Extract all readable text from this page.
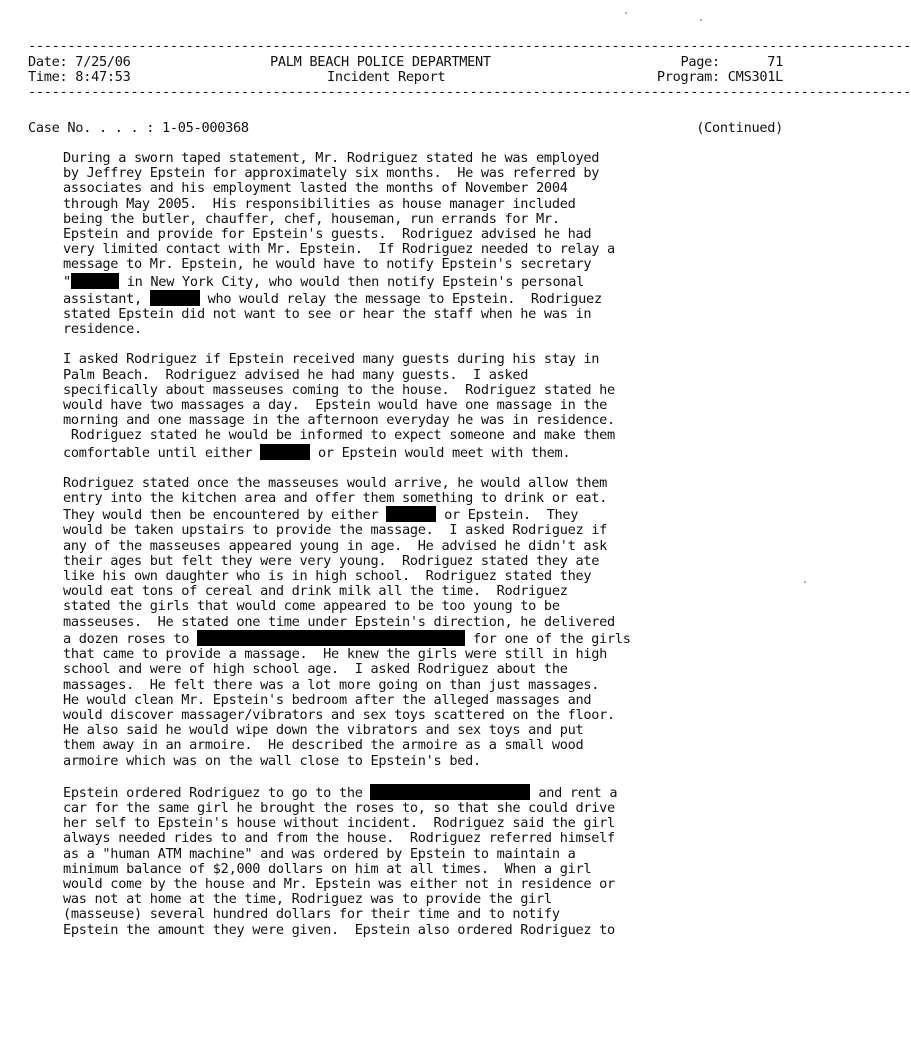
----------------------------------------------------------------------------------------------------------------
Date: 7/25/06
Time: 8:47:53
PALM BEACH POLICE DEPARTMENT
Incident Report
Page:      71
Program: CMS301L
----------------------------------------------------------------------------------------------------------------
Case No. . . . : 1-05-000368	(Continued)

During a sworn taped statement, Mr. Rodriguez stated he was employed
by Jeffrey Epstein for approximately six months.  He was referred by
associates and his employment lasted the months of November 2004
through May 2005.  His responsibilities as house manager included
being the butler, chauffer, chef, houseman, run errands for Mr.
Epstein and provide for Epstein's guests.  Rodriguez advised he had
very limited contact with Mr. Epstein.  If Rodriguez needed to relay a
message to Mr. Epstein, he would have to notify Epstein's secretary
"	in New York City, who would then notify Epstein's personal
assistant,	who would relay the message to Epstein.  Rodriguez
stated Epstein did not want to see or hear the staff when he was in
residence.

I asked Rodriguez if Epstein received many guests during his stay in
Palm Beach.  Rodriguez advised he had many guests.  I asked
specifically about masseuses coming to the house.  Rodriguez stated he
would have two massages a day.  Epstein would have one massage in the
morning and one massage in the afternoon everyday he was in residence.
Rodriguez stated he would be informed to expect someone and make them
comfortable until either	or Epstein would meet with them.

Rodriguez stated once the masseuses would arrive, he would allow them
entry into the kitchen area and offer them something to drink or eat.
They would then be encountered by either	or Epstein.  They
would be taken upstairs to provide the massage.  I asked Rodriguez if
any of the masseuses appeared young in age.  He advised he didn't ask
their ages but felt they were very young.  Rodriguez stated they ate
like his own daughter who is in high school.  Rodriguez stated they
would eat tons of cereal and drink milk all the time.  Rodriguez
stated the girls that would come appeared to be too young to be
masseuses.  He stated one time under Epstein's direction, he delivered
a dozen roses to	for one of the girls
that came to provide a massage.  He knew the girls were still in high
school and were of high school age.  I asked Rodriguez about the
massages.  He felt there was a lot more going on than just massages.
He would clean Mr. Epstein's bedroom after the alleged massages and
would discover massager/vibrators and sex toys scattered on the floor.
He also said he would wipe down the vibrators and sex toys and put
them away in an armoire.  He described the armoire as a small wood
armoire which was on the wall close to Epstein's bed.

Epstein ordered Rodriguez to go to the	and rent a
car for the same girl he brought the roses to, so that she could drive
her self to Epstein's house without incident.  Rodriguez said the girl
always needed rides to and from the house.  Rodriguez referred himself
as a "human ATM machine" and was ordered by Epstein to maintain a
minimum balance of $2,000 dollars on him at all times.  When a girl
would come by the house and Mr. Epstein was either not in residence or
was not at home at the time, Rodriguez was to provide the girl
(masseuse) several hundred dollars for their time and to notify
Epstein the amount they were given.  Epstein also ordered Rodriguez to
